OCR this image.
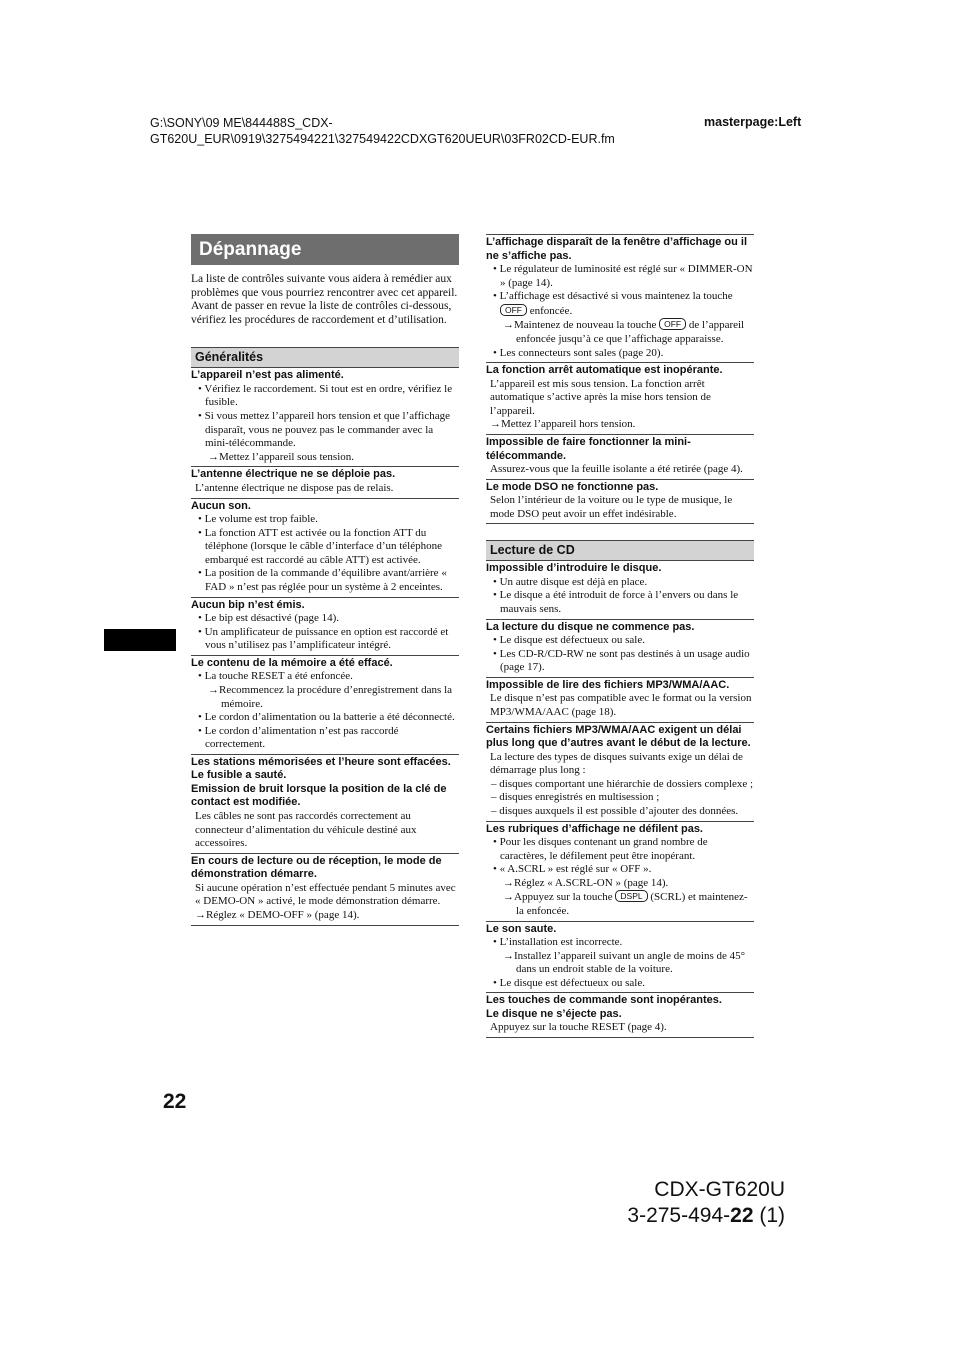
G:\SONY\09 ME\844488S_CDX-GT620U_EUR\0919\3275494221\327549422CDXGT620UEUR\03FR02CD-EUR.fm
masterpage:Left
Dépannage
La liste de contrôles suivante vous aidera à remédier aux problèmes que vous pourriez rencontrer avec cet appareil.
Avant de passer en revue la liste de contrôles ci-dessous, vérifiez les procédures de raccordement et d’utilisation.
Généralités
L’appareil n’est pas alimenté.
• Vérifiez le raccordement. Si tout est en ordre, vérifiez le fusible.
• Si vous mettez l’appareil hors tension et que l’affichage disparaît, vous ne pouvez pas le commander avec la mini-télécommande.
→Mettez l’appareil sous tension.
L’antenne électrique ne se déploie pas.
L’antenne électrique ne dispose pas de relais.
Aucun son.
• Le volume est trop faible.
• La fonction ATT est activée ou la fonction ATT du téléphone (lorsque le câble d’interface d’un téléphone embarqué est raccordé au câble ATT) est activée.
• La position de la commande d’équilibre avant/arrière « FAD » n’est pas réglée pour un système à 2 enceintes.
Aucun bip n’est émis.
• Le bip est désactivé (page 14).
• Un amplificateur de puissance en option est raccordé et vous n’utilisez pas l’amplificateur intégré.
Le contenu de la mémoire a été effacé.
• La touche RESET a été enfoncée.
→Recommencez la procédure d’enregistrement dans la mémoire.
• Le cordon d’alimentation ou la batterie a été déconnecté.
• Le cordon d’alimentation n’est pas raccordé correctement.
Les stations mémorisées et l’heure sont effacées.
Le fusible a sauté.
Emission de bruit lorsque la position de la clé de contact est modifiée.
Les câbles ne sont pas raccordés correctement au connecteur d’alimentation du véhicule destiné aux accessoires.
En cours de lecture ou de réception, le mode de démonstration démarre.
Si aucune opération n’est effectuée pendant 5 minutes avec « DEMO-ON » activé, le mode démonstration démarre.
→Réglez « DEMO-OFF » (page 14).
L’affichage disparaît de la fenêtre d’affichage ou il ne s’affiche pas.
• Le régulateur de luminosité est réglé sur « DIMMER-ON » (page 14).
• L’affichage est désactivé si vous maintenez la touche OFF enfoncée.
→Maintenez de nouveau la touche OFF de l’appareil enfoncée jusqu’à ce que l’affichage apparaisse.
• Les connecteurs sont sales (page 20).
La fonction arrêt automatique est inopérante.
L’appareil est mis sous tension. La fonction arrêt automatique s’active après la mise hors tension de l’appareil.
→Mettez l’appareil hors tension.
Impossible de faire fonctionner la mini-télécommande.
Assurez-vous que la feuille isolante a été retirée (page 4).
Le mode DSO ne fonctionne pas.
Selon l’intérieur de la voiture ou le type de musique, le mode DSO peut avoir un effet indésirable.
Lecture de CD
Impossible d’introduire le disque.
• Un autre disque est déjà en place.
• Le disque a été introduit de force à l’envers ou dans le mauvais sens.
La lecture du disque ne commence pas.
• Le disque est défectueux ou sale.
• Les CD-R/CD-RW ne sont pas destinés à un usage audio (page 17).
Impossible de lire des fichiers MP3/WMA/AAC.
Le disque n’est pas compatible avec le format ou la version MP3/WMA/AAC (page 18).
Certains fichiers MP3/WMA/AAC exigent un délai plus long que d’autres avant le début de la lecture.
La lecture des types de disques suivants exige un délai de démarrage plus long :
– disques comportant une hiérarchie de dossiers complexe ;
– disques enregistrés en multisession ;
– disques auxquels il est possible d’ajouter des données.
Les rubriques d’affichage ne défilent pas.
• Pour les disques contenant un grand nombre de caractères, le défilement peut être inopérant.
• « A.SCRL » est réglé sur « OFF ».
→Réglez « A.SCRL-ON » (page 14).
→Appuyez sur la touche DSPL (SCRL) et maintenez-la enfoncée.
Le son saute.
• L’installation est incorrecte.
→Installez l’appareil suivant un angle de moins de 45° dans un endroit stable de la voiture.
• Le disque est défectueux ou sale.
Les touches de commande sont inopérantes.
Le disque ne s’éjecte pas.
Appuyez sur la touche RESET (page 4).
22
CDX-GT620U
3-275-494-22 (1)
